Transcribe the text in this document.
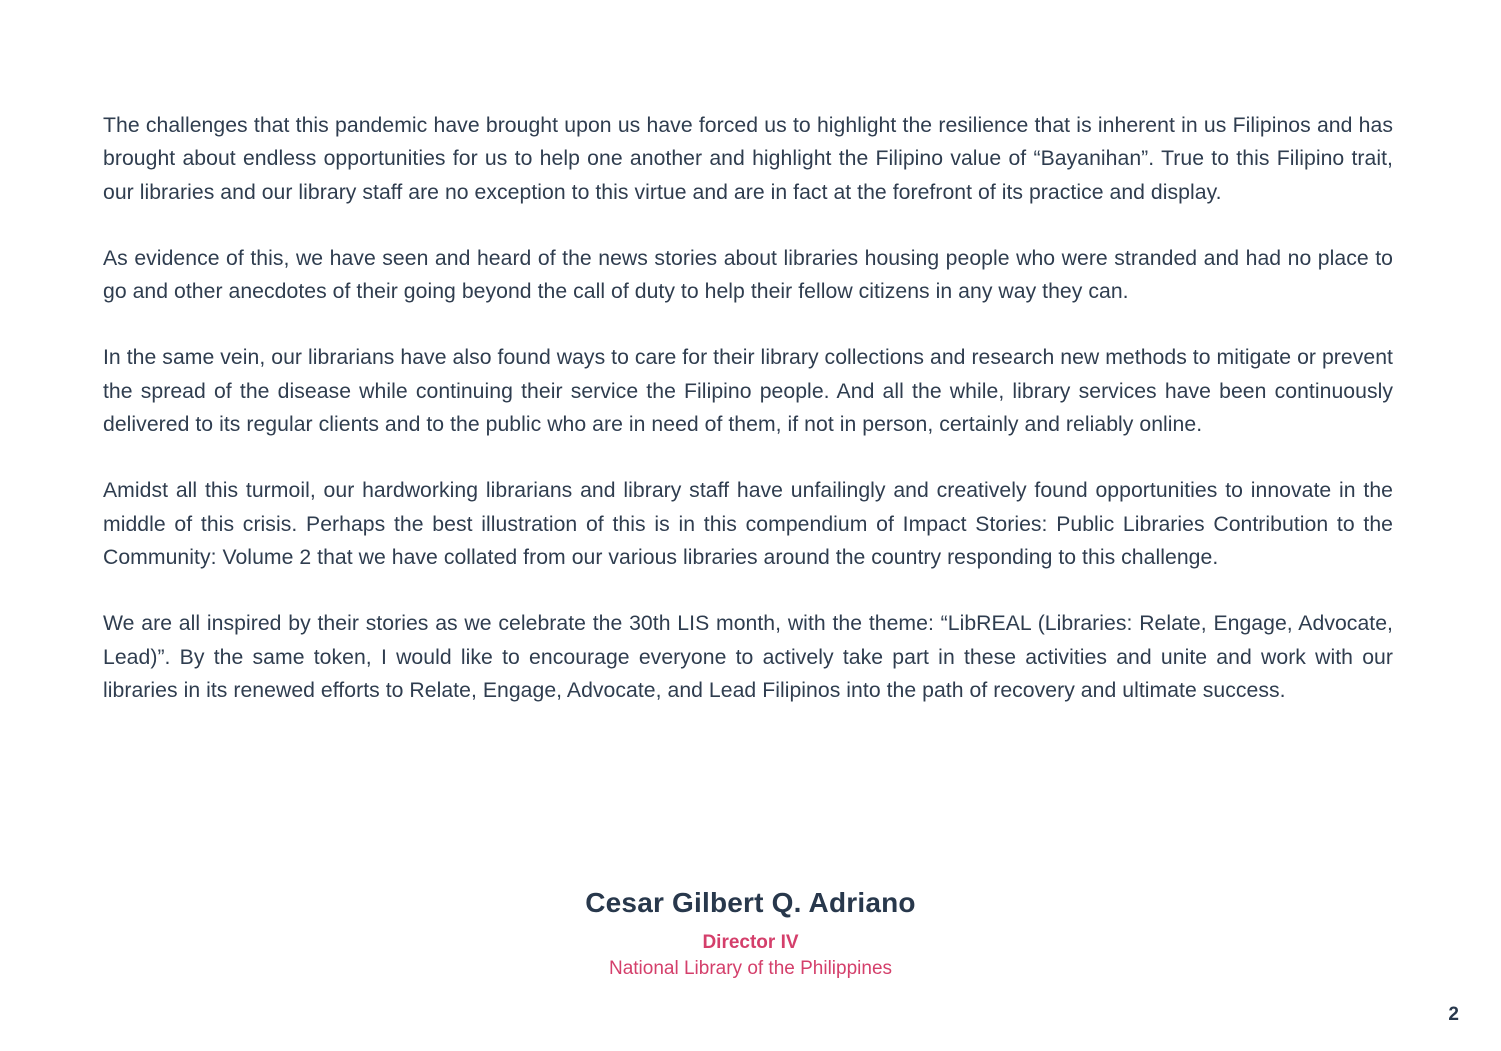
The challenges that this pandemic have brought upon us have forced us to highlight the resilience that is inherent in us Filipinos and has brought about endless opportunities for us to help one another and highlight the Filipino value of “Bayanihan”. True to this Filipino trait, our libraries and our library staff are no exception to this virtue and are in fact at the forefront of its practice and display.

As evidence of this, we have seen and heard of the news stories about libraries housing people who were stranded and had no place to go and other anecdotes of their going beyond the call of duty to help their fellow citizens in any way they can.

In the same vein, our librarians have also found ways to care for their library collections and research new methods to mitigate or prevent the spread of the disease while continuing their service the Filipino people. And all the while, library services have been continuously delivered to its regular clients and to the public who are in need of them, if not in person, certainly and reliably online.

Amidst all this turmoil, our hardworking librarians and library staff have unfailingly and creatively found opportunities to innovate in the middle of this crisis. Perhaps the best illustration of this is in this compendium of Impact Stories: Public Libraries Contribution to the Community: Volume 2 that we have collated from our various libraries around the country responding to this challenge.

We are all inspired by their stories as we celebrate the 30th LIS month, with the theme: “LibREAL (Libraries: Relate, Engage, Advocate, Lead)”. By the same token, I would like to encourage everyone to actively take part in these activities and unite and work with our libraries in its renewed efforts to Relate, Engage, Advocate, and Lead Filipinos into the path of recovery and ultimate success.

Cesar Gilbert Q. Adriano
Director IV
National Library of the Philippines
2
